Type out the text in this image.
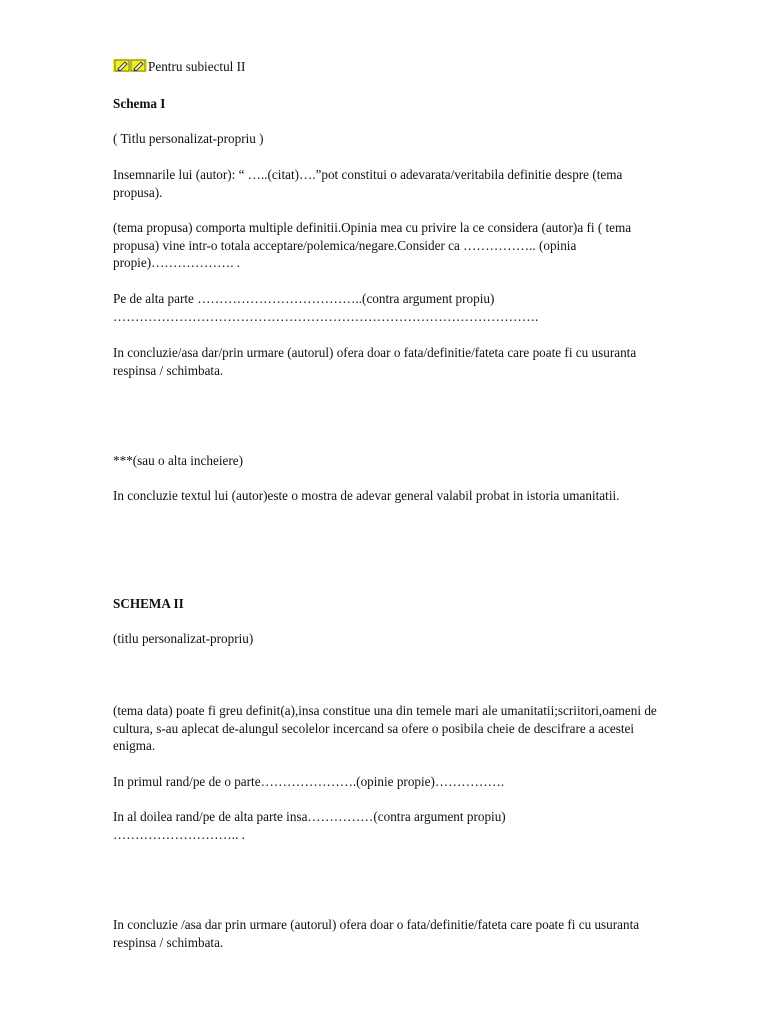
Pentru subiectul II

Schema I

( Titlu personalizat-propriu )

Insemnarile lui (autor): “ …..(citat)….”pot constitui o adevarata/veritabila definitie despre (tema propusa).

(tema propusa) comporta multiple definitii.Opinia mea cu privire la ce considera (autor)a fi ( tema propusa) vine intr-o totala acceptare/polemica/negare.Consider ca …………….. (opinia propie)………………. .

Pe de alta parte ………………………………..(contra argument propiu)

…………………………………………………………………………………….

In concluzie/asa dar/prin urmare (autorul) ofera doar o fata/definitie/fateta care poate fi cu usuranta respinsa / schimbata.

***(sau o alta incheiere)

In concluzie textul lui (autor)este o mostra de adevar general valabil probat in istoria umanitatii.

SCHEMA II

(titlu personalizat-propriu)

(tema data) poate fi greu definit(a),insa constitue una din temele mari ale umanitatii;scriitori,oameni de cultura, s-au aplecat de-alungul secolelor incercand sa ofere o posibila cheie de descifrare a acestei enigma.

In primul rand/pe de o parte………………….(opinie propie)…………….

In al doilea rand/pe de alta parte insa……………(contra argument propiu)

……………………….. .

In concluzie /asa dar prin urmare (autorul) ofera doar o fata/definitie/fateta care poate fi cu usuranta respinsa / schimbata.
